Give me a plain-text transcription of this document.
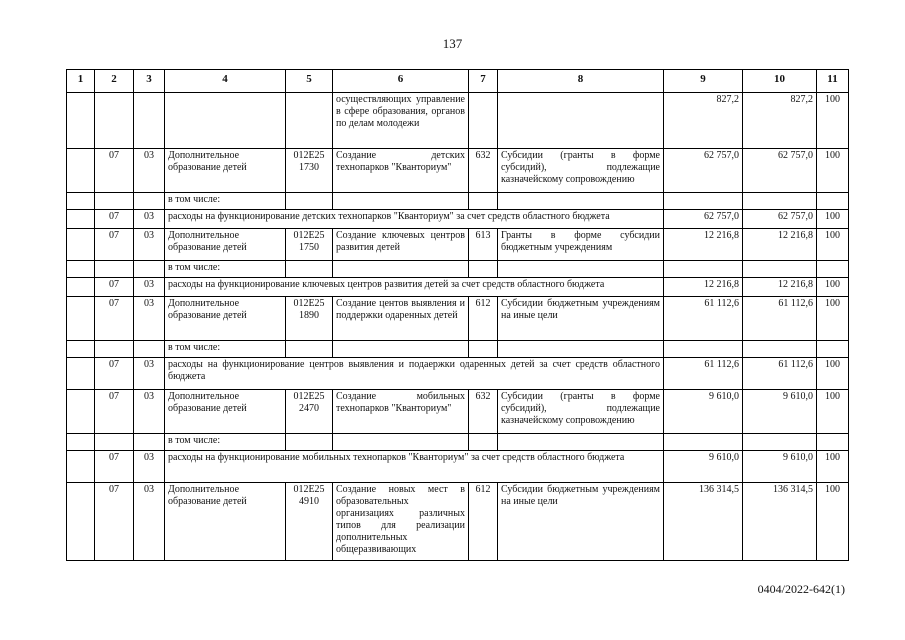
137
1	2	3	4	5	6	7	8	9	10	11
					осуществляющих управление в сфере образования, органов по делам молодежи			827,2	827,2	100
	07	03	Дополнительное образование детей	012Е25 1730	Создание детских технопарков "Кванториум"	632	Субсидии (гранты в форме субсидий), подлежащие казначейскому сопровождению	62 757,0	62 757,0	100
			в том числе:							
	07	03	расходы на функционирование детских технопарков "Кванториум" за счет средств областного бюджета					62 757,0	62 757,0	100
	07	03	Дополнительное образование детей	012Е25 1750	Создание ключевых центров развития детей	613	Гранты в форме субсидии бюджетным учреждениям	12 216,8	12 216,8	100
			в том числе:							
	07	03	расходы на функционирование ключевых центров развития детей за счет средств областного бюджета					12 216,8	12 216,8	100
	07	03	Дополнительное образование детей	012Е25 1890	Создание центов выявления и поддержки одаренных детей	612	Субсидии бюджетным учреждениям на иные цели	61 112,6	61 112,6	100
			в том числе:							
	07	03	расходы на функционирование центров выявления и подаержки одаренных детей за счет средств областного бюджета					61 112,6	61 112,6	100
	07	03	Дополнительное образование детей	012Е25 2470	Создание мобильных технопарков "Кванториум"	632	Субсидии (гранты в форме субсидий), подлежащие казначейскому сопровождению	9 610,0	9 610,0	100
			в том числе:							
	07	03	расходы на функционирование мобильных технопарков "Кванториум" за счет средств областного бюджета					9 610,0	9 610,0	100
	07	03	Дополнительное образование детей	012Е25 4910	Создание новых мест в образовательных организациях различных типов для реализации дополнительных общеразвивающих	612	Субсидии бюджетным учреждениям на иные цели	136 314,5	136 314,5	100
0404/2022-642(1)
